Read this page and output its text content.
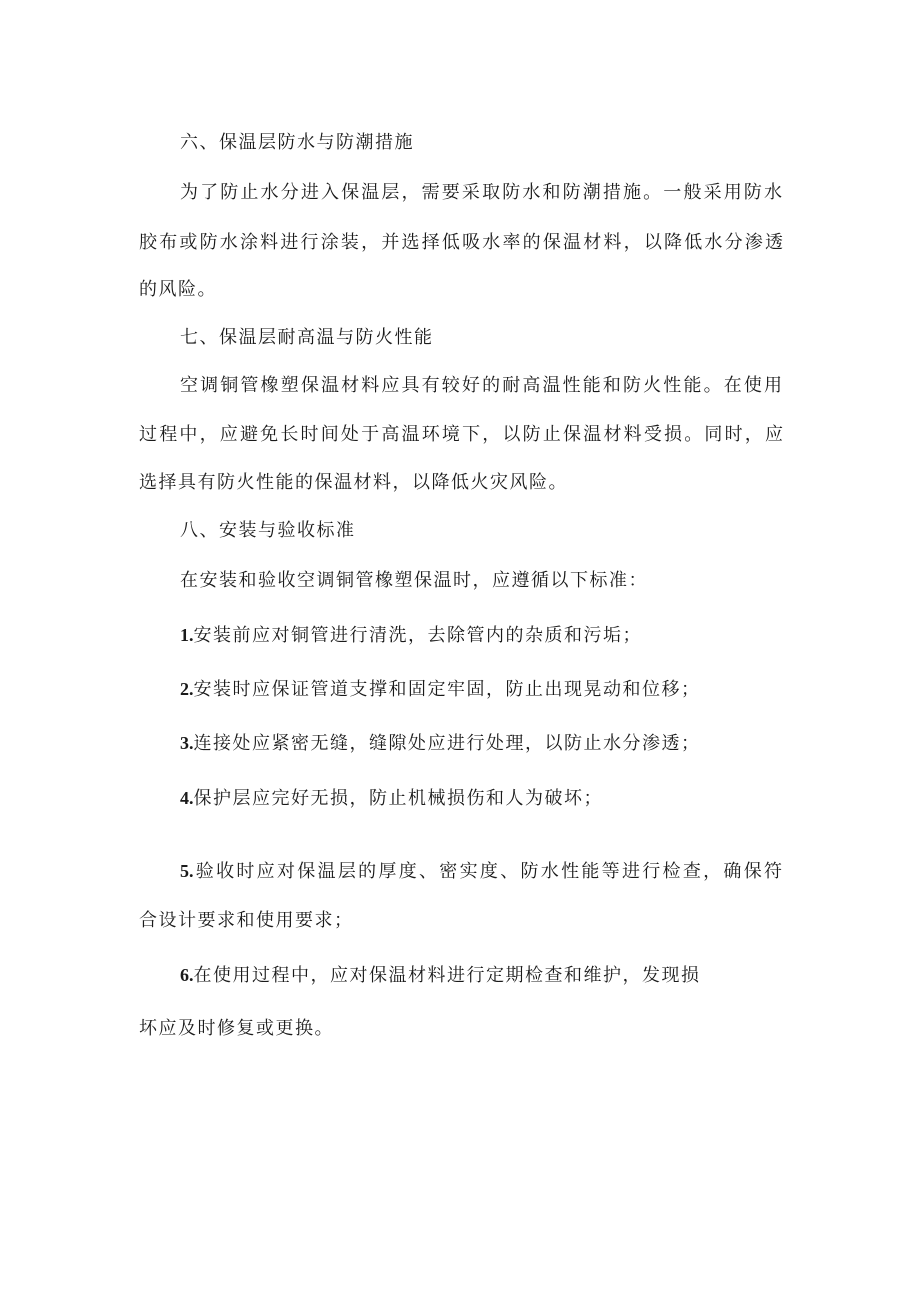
六、保温层防水与防潮措施
为了防止水分进入保温层，需要采取防水和防潮措施。一般采用防水
胶布或防水涂料进行涂装，并选择低吸水率的保温材料，以降低水分渗透
的风险。
七、保温层耐高温与防火性能
空调铜管橡塑保温材料应具有较好的耐高温性能和防火性能。在使用
过程中，应避免长时间处于高温环境下，以防止保温材料受损。同时，应
选择具有防火性能的保温材料，以降低火灾风险。
八、安装与验收标准
在安装和验收空调铜管橡塑保温时，应遵循以下标准：
1.安装前应对铜管进行清洗，去除管内的杂质和污垢；
2.安装时应保证管道支撑和固定牢固，防止出现晃动和位移；
3.连接处应紧密无缝，缝隙处应进行处理，以防止水分渗透；
4.保护层应完好无损，防止机械损伤和人为破坏；
5.验收时应对保温层的厚度、密实度、防水性能等进行检查，确保符
合设计要求和使用要求；
6.在使用过程中，应对保温材料进行定期检查和维护，发现损
坏应及时修复或更换。
